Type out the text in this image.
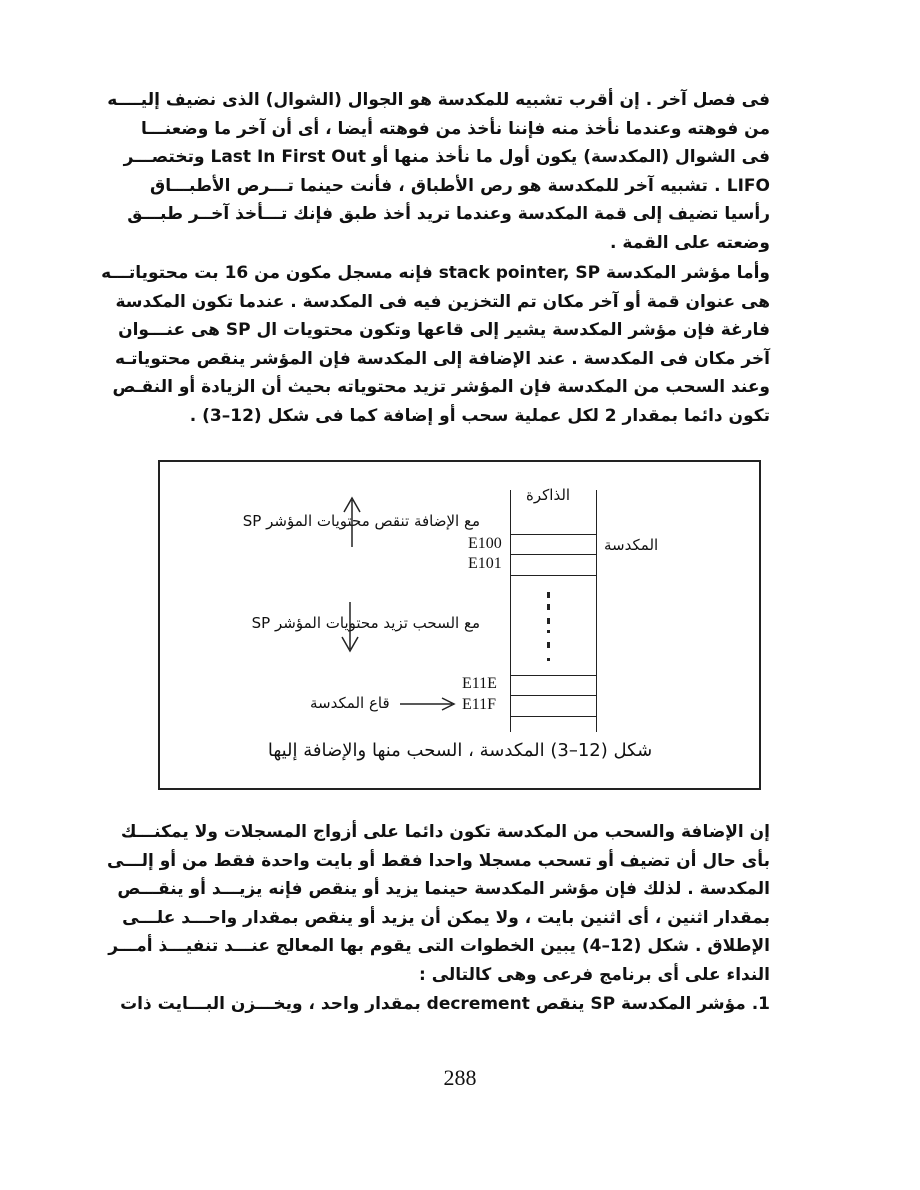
فى فصل آخر . إن أقرب تشبيه للمكدسة هو الجوال (الشوال) الذى نضيف إليــــه
من فوهته وعندما نأخذ منه فإننا نأخذ من فوهته أيضا ، أى أن آخر ما وضعنـــا
فى الشوال (المكدسة) يكون أول ما نأخذ منها أو Last In First Out وتختصـــر
LIFO . تشبيه آخر للمكدسة هو رص الأطباق ، فأنت حينما تـــرص الأطبـــاق
رأسيا تضيف إلى قمة المكدسة وعندما تريد أخذ طبق فإنك تـــأخذ آخــر طبـــق
وضعته على القمة .
وأما مؤشر المكدسة stack pointer, SP فإنه مسجل مكون من 16 بت محتوياتـــه
هى عنوان قمة أو آخر مكان تم التخزين فيه فى المكدسة . عندما تكون المكدسة
فارغة فإن مؤشر المكدسة يشير إلى قاعها وتكون محتويات ال SP هى عنـــوان
آخر مكان فى المكدسة . عند الإضافة إلى المكدسة فإن المؤشر ينقص محتوياتـه
وعند السحب من المكدسة فإن المؤشر تزيد محتوياته بحيث أن الزيادة أو النقـص
تكون دائما بمقدار 2 لكل عملية سحب أو إضافة كما فى شكل (12–3) .
الذاكرة
المكدسة
مع الإضافة تنقص محتويات المؤشر SP
مع السحب تزيد محتويات المؤشر SP
E100
E101
E11E
E11F
قاع المكدسة
شكل (12–3) المكدسة ، السحب منها والإضافة إليها
إن الإضافة والسحب من المكدسة تكون دائما على أزواج المسجلات ولا يمكنـــك
بأى حال أن تضيف أو تسحب مسجلا واحدا فقط أو بايت واحدة فقط من أو إلـــى
المكدسة . لذلك فإن مؤشر المكدسة حينما يزيد أو ينقص فإنه يزيـــد أو ينقـــص
بمقدار اثنين ، أى اثنين بايت ، ولا يمكن أن يزيد أو ينقص بمقدار واحـــد علـــى
الإطلاق . شكل (12–4) يبين الخطوات التى يقوم بها المعالج عنـــد تنفيـــذ أمـــر
النداء على أى برنامج فرعى وهى كالتالى :
1. مؤشر المكدسة SP ينقص decrement بمقدار واحد ، ويخـــزن البـــايت ذات
288
